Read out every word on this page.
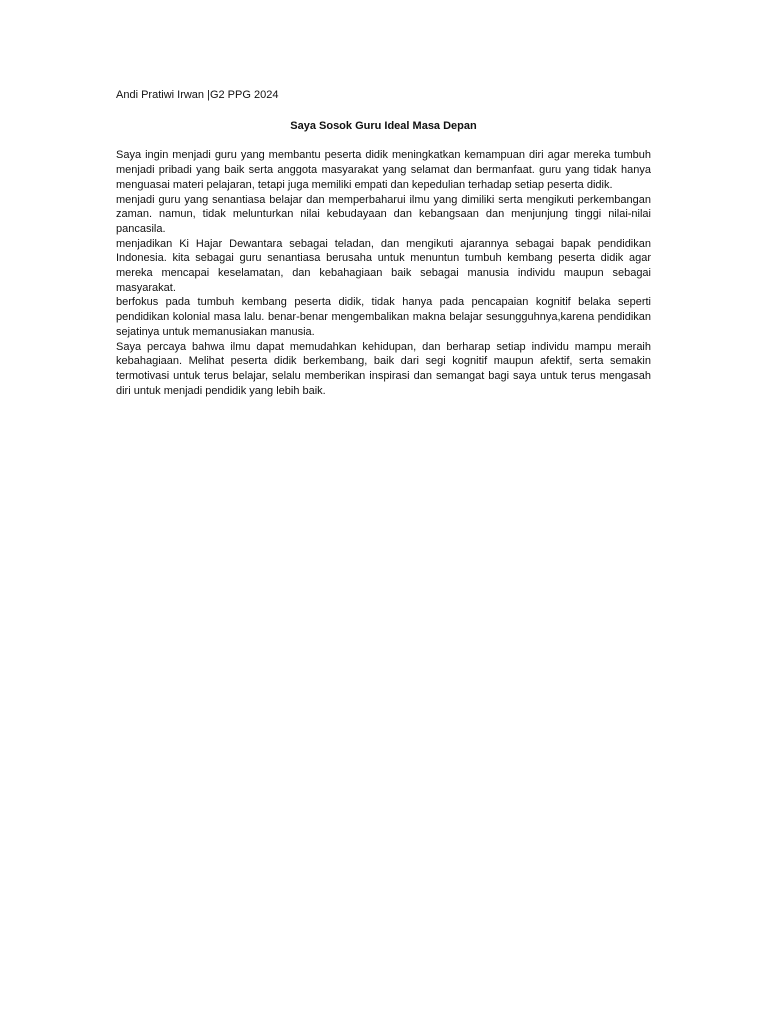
Andi Pratiwi Irwan |G2 PPG 2024

Saya Sosok Guru Ideal Masa Depan

Saya ingin menjadi guru yang membantu peserta didik meningkatkan kemampuan diri agar mereka tumbuh menjadi pribadi yang baik serta anggota masyarakat yang selamat dan bermanfaat. guru yang tidak hanya menguasai materi pelajaran, tetapi juga memiliki empati dan kepedulian terhadap setiap peserta didik.

menjadi guru yang senantiasa belajar dan memperbaharui ilmu yang dimiliki serta mengikuti perkembangan zaman. namun, tidak melunturkan nilai kebudayaan dan kebangsaan dan menjunjung tinggi nilai-nilai pancasila.

menjadikan Ki Hajar Dewantara sebagai teladan, dan mengikuti ajarannya sebagai bapak pendidikan Indonesia. kita sebagai guru senantiasa berusaha untuk menuntun tumbuh kembang peserta didik agar mereka mencapai keselamatan, dan kebahagiaan baik sebagai manusia individu maupun sebagai masyarakat.

berfokus pada tumbuh kembang peserta didik, tidak hanya pada pencapaian kognitif belaka seperti pendidikan kolonial masa lalu. benar-benar mengembalikan makna belajar sesungguhnya,karena pendidikan sejatinya untuk memanusiakan manusia.

Saya percaya bahwa ilmu dapat memudahkan kehidupan, dan berharap setiap individu mampu meraih kebahagiaan. Melihat peserta didik berkembang, baik dari segi kognitif maupun afektif, serta semakin termotivasi untuk terus belajar, selalu memberikan inspirasi dan semangat bagi saya untuk terus mengasah diri untuk menjadi pendidik yang lebih baik.
